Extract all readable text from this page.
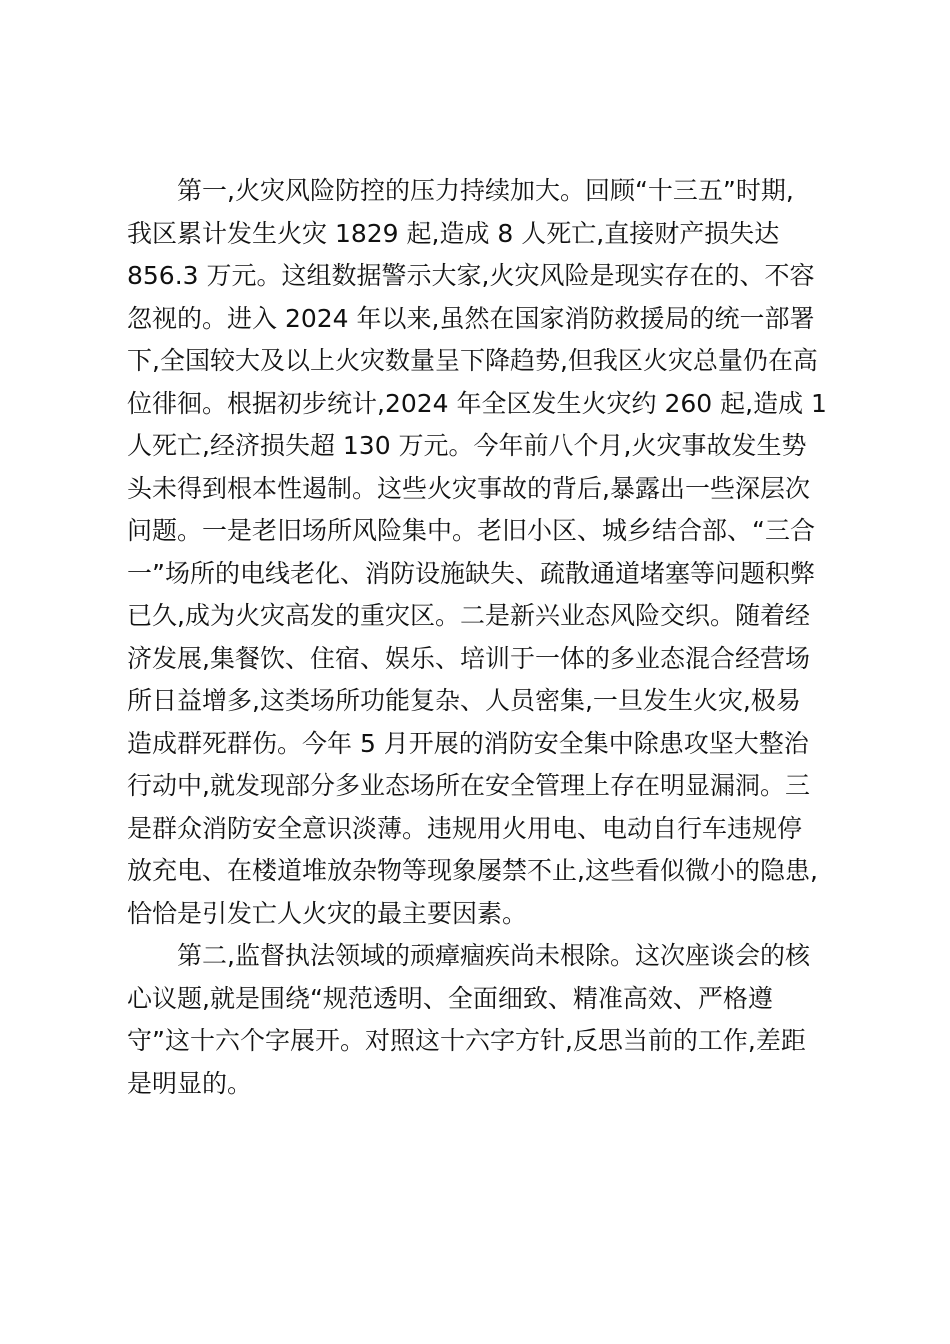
第一,火灾风险防控的压力持续加大。回顾“十三五”时期,
我区累计发生火灾 1829 起,造成 8 人死亡,直接财产损失达
856.3 万元。这组数据警示大家,火灾风险是现实存在的、不容
忽视的。进入 2024 年以来,虽然在国家消防救援局的统一部署
下,全国较大及以上火灾数量呈下降趋势,但我区火灾总量仍在高
位徘徊。根据初步统计,2024 年全区发生火灾约 260 起,造成 1
人死亡,经济损失超 130 万元。今年前八个月,火灾事故发生势
头未得到根本性遏制。这些火灾事故的背后,暴露出一些深层次
问题。一是老旧场所风险集中。老旧小区、城乡结合部、“三合
一”场所的电线老化、消防设施缺失、疏散通道堵塞等问题积弊
已久,成为火灾高发的重灾区。二是新兴业态风险交织。随着经
济发展,集餐饮、住宿、娱乐、培训于一体的多业态混合经营场
所日益增多,这类场所功能复杂、人员密集,一旦发生火灾,极易
造成群死群伤。今年 5 月开展的消防安全集中除患攻坚大整治
行动中,就发现部分多业态场所在安全管理上存在明显漏洞。三
是群众消防安全意识淡薄。违规用火用电、电动自行车违规停
放充电、在楼道堆放杂物等现象屡禁不止,这些看似微小的隐患,
恰恰是引发亡人火灾的最主要因素。
第二,监督执法领域的顽瘴痼疾尚未根除。这次座谈会的核
心议题,就是围绕“规范透明、全面细致、精准高效、严格遵
守”这十六个字展开。对照这十六字方针,反思当前的工作,差距
是明显的。
